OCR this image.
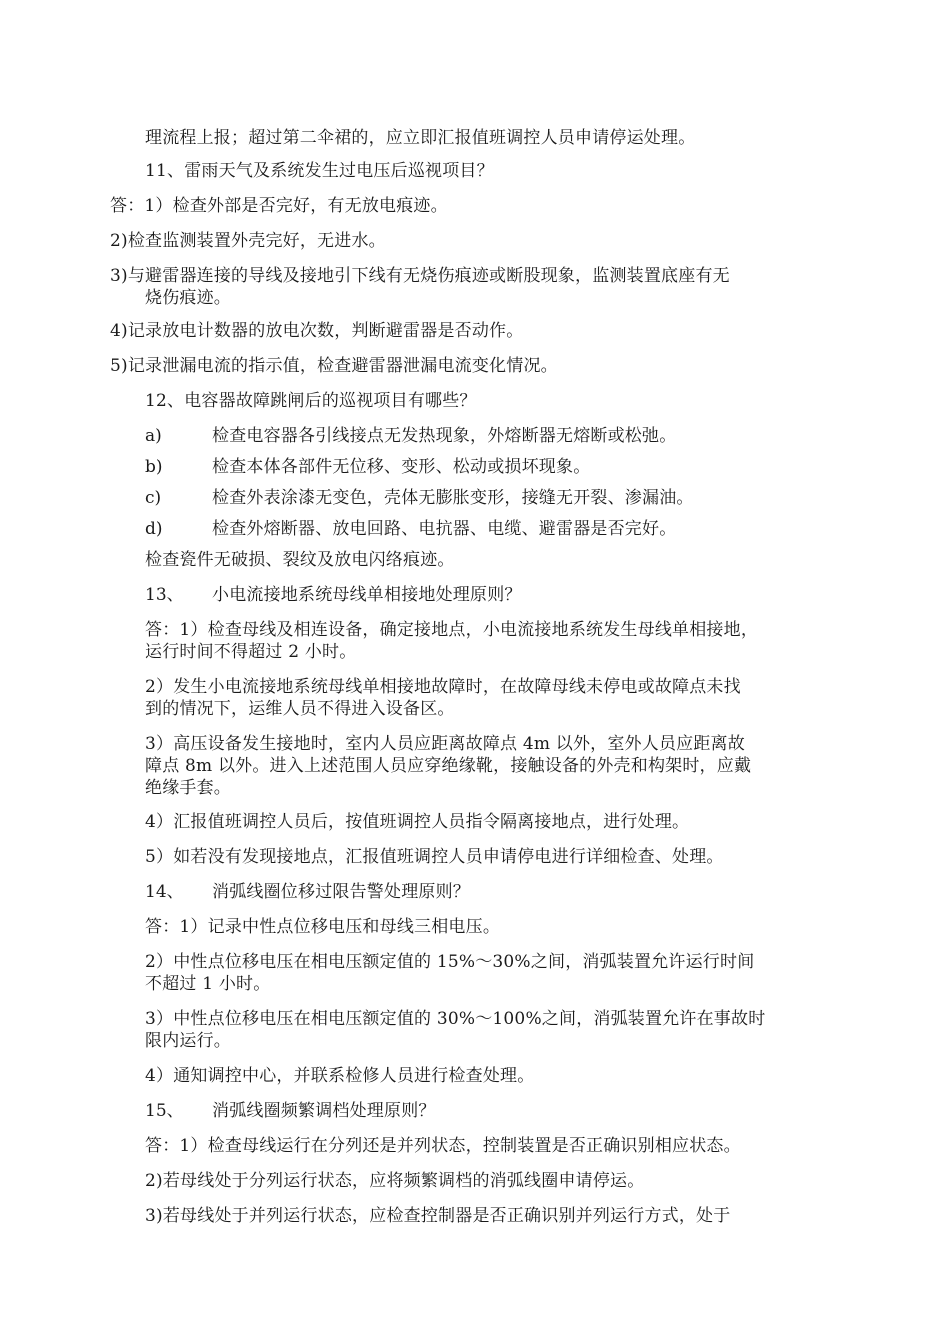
理流程上报；超过第二伞裙的，应立即汇报值班调控人员申请停运处理。
11、雷雨天气及系统发生过电压后巡视项目？
答：1）检查外部是否完好，有无放电痕迹。
2)检查监测装置外壳完好，无进水。
3)与避雷器连接的导线及接地引下线有无烧伤痕迹或断股现象，监测装置底座有无
烧伤痕迹。
4)记录放电计数器的放电次数，判断避雷器是否动作。
5)记录泄漏电流的指示值，检查避雷器泄漏电流变化情况。
12、电容器故障跳闸后的巡视项目有哪些？
a)	检查电容器各引线接点无发热现象，外熔断器无熔断或松弛。
b)	检查本体各部件无位移、变形、松动或损坏现象。
c)	检查外表涂漆无变色，壳体无膨胀变形，接缝无开裂、渗漏油。
d)	检查外熔断器、放电回路、电抗器、电缆、避雷器是否完好。
检查瓷件无破损、裂纹及放电闪络痕迹。
13、 小电流接地系统母线单相接地处理原则？
答：1）检查母线及相连设备，确定接地点，小电流接地系统发生母线单相接地，
运行时间不得超过 2 小时。
2）发生小电流接地系统母线单相接地故障时，在故障母线未停电或故障点未找
到的情况下，运维人员不得进入设备区。
3）高压设备发生接地时，室内人员应距离故障点 4m 以外，室外人员应距离故
障点 8m 以外。进入上述范围人员应穿绝缘靴，接触设备的外壳和构架时，应戴
绝缘手套。
4）汇报值班调控人员后，按值班调控人员指令隔离接地点，进行处理。
5）如若没有发现接地点，汇报值班调控人员申请停电进行详细检查、处理。
14、 消弧线圈位移过限告警处理原则？
答：1）记录中性点位移电压和母线三相电压。
2）中性点位移电压在相电压额定值的 15%～30%之间，消弧装置允许运行时间
不超过 1 小时。
3）中性点位移电压在相电压额定值的 30%～100%之间，消弧装置允许在事故时
限内运行。
4）通知调控中心，并联系检修人员进行检查处理。
15、 消弧线圈频繁调档处理原则？
答：1）检查母线运行在分列还是并列状态，控制装置是否正确识别相应状态。
2)若母线处于分列运行状态，应将频繁调档的消弧线圈申请停运。
3)若母线处于并列运行状态，应检查控制器是否正确识别并列运行方式，处于
